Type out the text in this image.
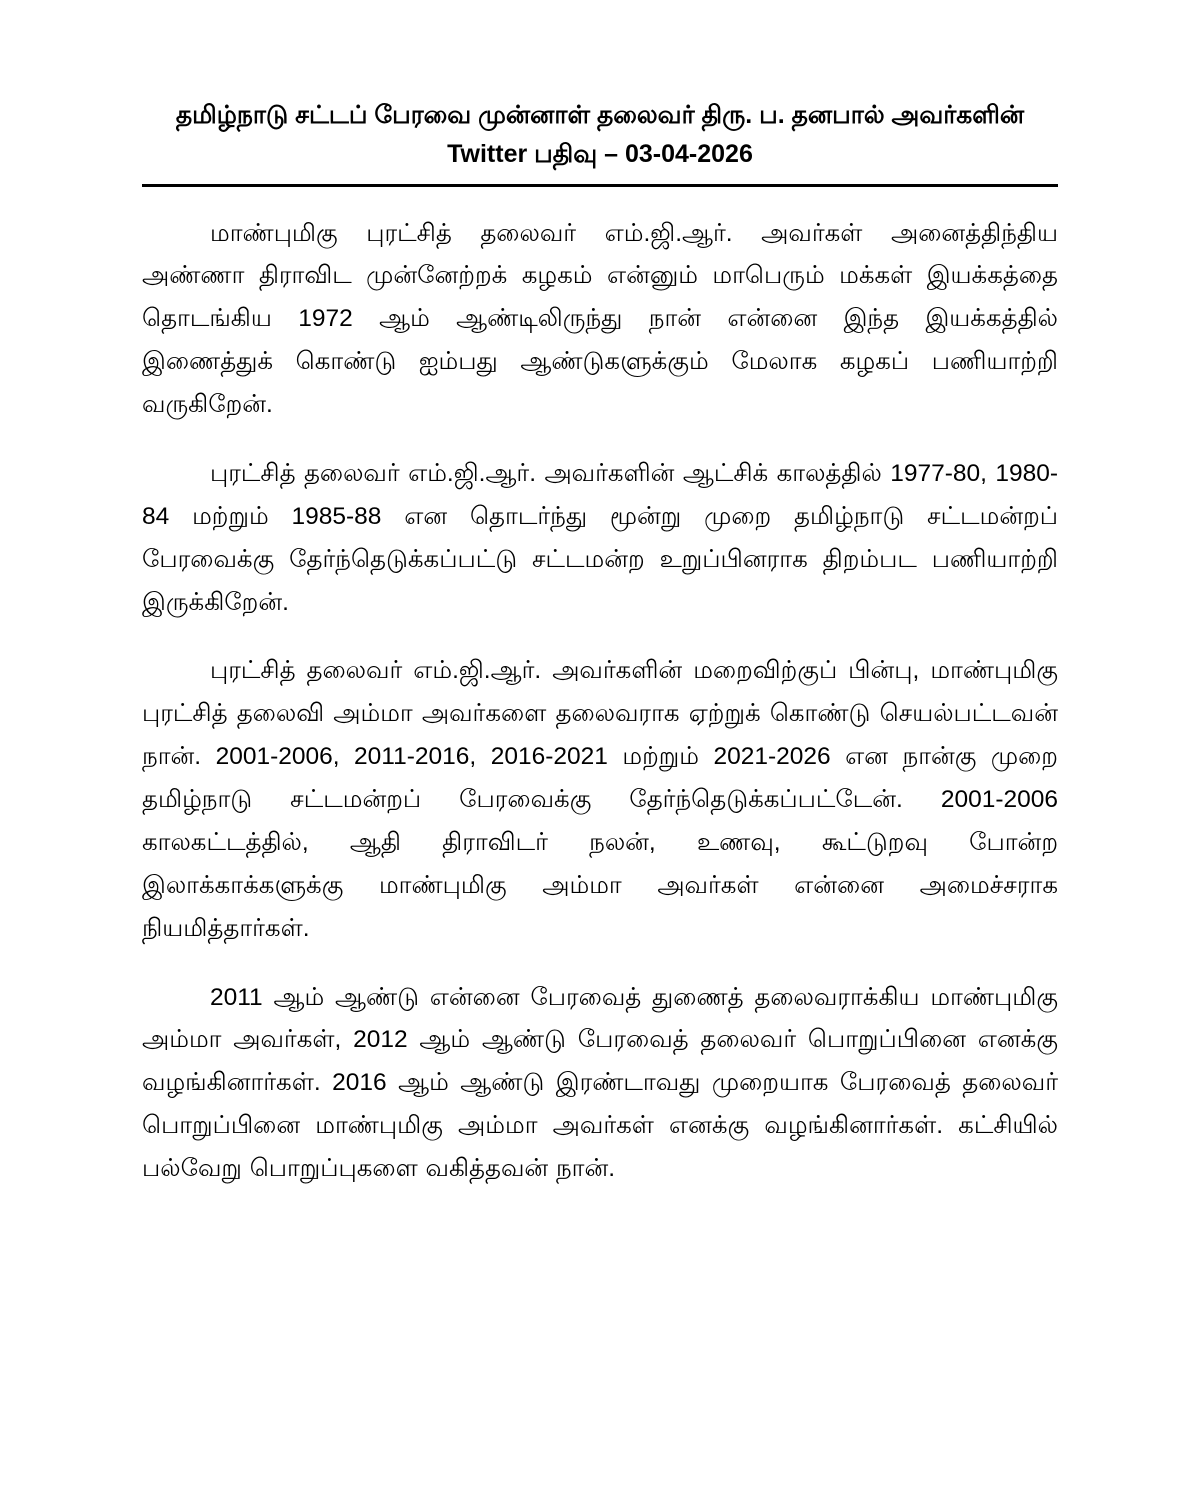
தமிழ்நாடு சட்டப் பேரவை முன்னாள் தலைவர் திரு. ப. தனபால் அவர்களின்
Twitter பதிவு – 03-04-2026

மாண்புமிகு புரட்சித் தலைவர் எம்.ஜி.ஆர். அவர்கள் அனைத்திந்திய அண்ணா திராவிட முன்னேற்றக் கழகம் என்னும் மாபெரும் மக்கள் இயக்கத்தை தொடங்கிய 1972 ஆம் ஆண்டிலிருந்து நான் என்னை இந்த இயக்கத்தில் இணைத்துக் கொண்டு ஐம்பது ஆண்டுகளுக்கும் மேலாக கழகப் பணியாற்றி வருகிறேன்.

புரட்சித் தலைவர் எம்.ஜி.ஆர். அவர்களின் ஆட்சிக் காலத்தில் 1977-80, 1980-84 மற்றும் 1985-88 என தொடர்ந்து மூன்று முறை தமிழ்நாடு சட்டமன்றப் பேரவைக்கு தேர்ந்தெடுக்கப்பட்டு சட்டமன்ற உறுப்பினராக திறம்பட பணியாற்றி இருக்கிறேன்.

புரட்சித் தலைவர் எம்.ஜி.ஆர். அவர்களின் மறைவிற்குப் பின்பு, மாண்புமிகு புரட்சித் தலைவி அம்மா அவர்களை தலைவராக ஏற்றுக் கொண்டு செயல்பட்டவன் நான். 2001-2006, 2011-2016, 2016-2021 மற்றும் 2021-2026 என நான்கு முறை தமிழ்நாடு சட்டமன்றப் பேரவைக்கு தேர்ந்தெடுக்கப்பட்டேன். 2001-2006 காலகட்டத்தில், ஆதி திராவிடர் நலன், உணவு, கூட்டுறவு போன்ற இலாக்காக்களுக்கு மாண்புமிகு அம்மா அவர்கள் என்னை அமைச்சராக நியமித்தார்கள்.

2011 ஆம் ஆண்டு என்னை பேரவைத் துணைத் தலைவராக்கிய மாண்புமிகு அம்மா அவர்கள், 2012 ஆம் ஆண்டு பேரவைத் தலைவர் பொறுப்பினை எனக்கு வழங்கினார்கள். 2016 ஆம் ஆண்டு இரண்டாவது முறையாக பேரவைத் தலைவர் பொறுப்பினை மாண்புமிகு அம்மா அவர்கள் எனக்கு வழங்கினார்கள். கட்சியில் பல்வேறு பொறுப்புகளை வகித்தவன் நான்.
